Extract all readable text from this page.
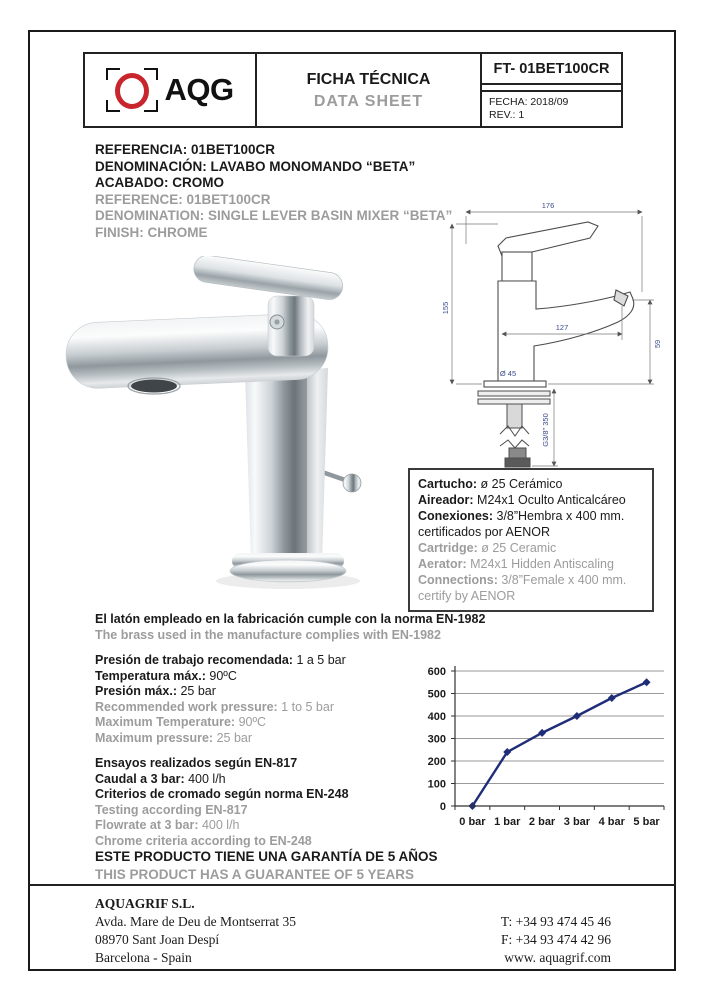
AQG	FICHA TÉCNICA
DATA SHEET
FT- 01BET100CR
FECHA: 2018/09
REV.: 1
REFERENCIA: 01BET100CR
DENOMINACIÓN: LAVABO MONOMANDO “BETA”
ACABADO: CROMO
REFERENCE: 01BET100CR
DENOMINATION: SINGLE LEVER BASIN MIXER “BETA”
FINISH: CHROME
176
155
127
59
Ø 45
G3/8" 350
Cartucho: ø 25 Cerámico
Aireador: M24x1 Oculto Anticalcáreo
Conexiones: 3/8”Hembra x 400 mm. certificados por AENOR
Cartridge: ø 25 Ceramic
Aerator: M24x1 Hidden Antiscaling
Connections: 3/8”Female x 400 mm. certify by AENOR
El latón empleado en la fabricación cumple con la norma EN-1982
The brass used in the manufacture complies with EN-1982
Presión de trabajo recomendada: 1 a 5 bar
Temperatura máx.: 90ºC
Presión máx.: 25 bar
Recommended work pressure: 1 to 5 bar
Maximum Temperature: 90ºC
Maximum pressure: 25 bar
Ensayos realizados según EN-817
Caudal a 3 bar: 400 l/h
Criterios de cromado según norma EN-248
Testing according EN-817
Flowrate at 3 bar: 400 l/h
Chrome criteria according to EN-248
0
100
200
300
400
500
600
0 bar 1 bar 2 bar 3 bar 4 bar 5 bar
ESTE PRODUCTO TIENE UNA GARANTÍA DE 5 AÑOS
THIS PRODUCT HAS A GUARANTEE OF 5 YEARS
AQUAGRIF S.L.
Avda. Mare de Deu de Montserrat 35
08970 Sant Joan Despí
Barcelona - Spain
T: +34 93 474 45 46
F: +34 93 474 42 96
www. aquagrif.com
